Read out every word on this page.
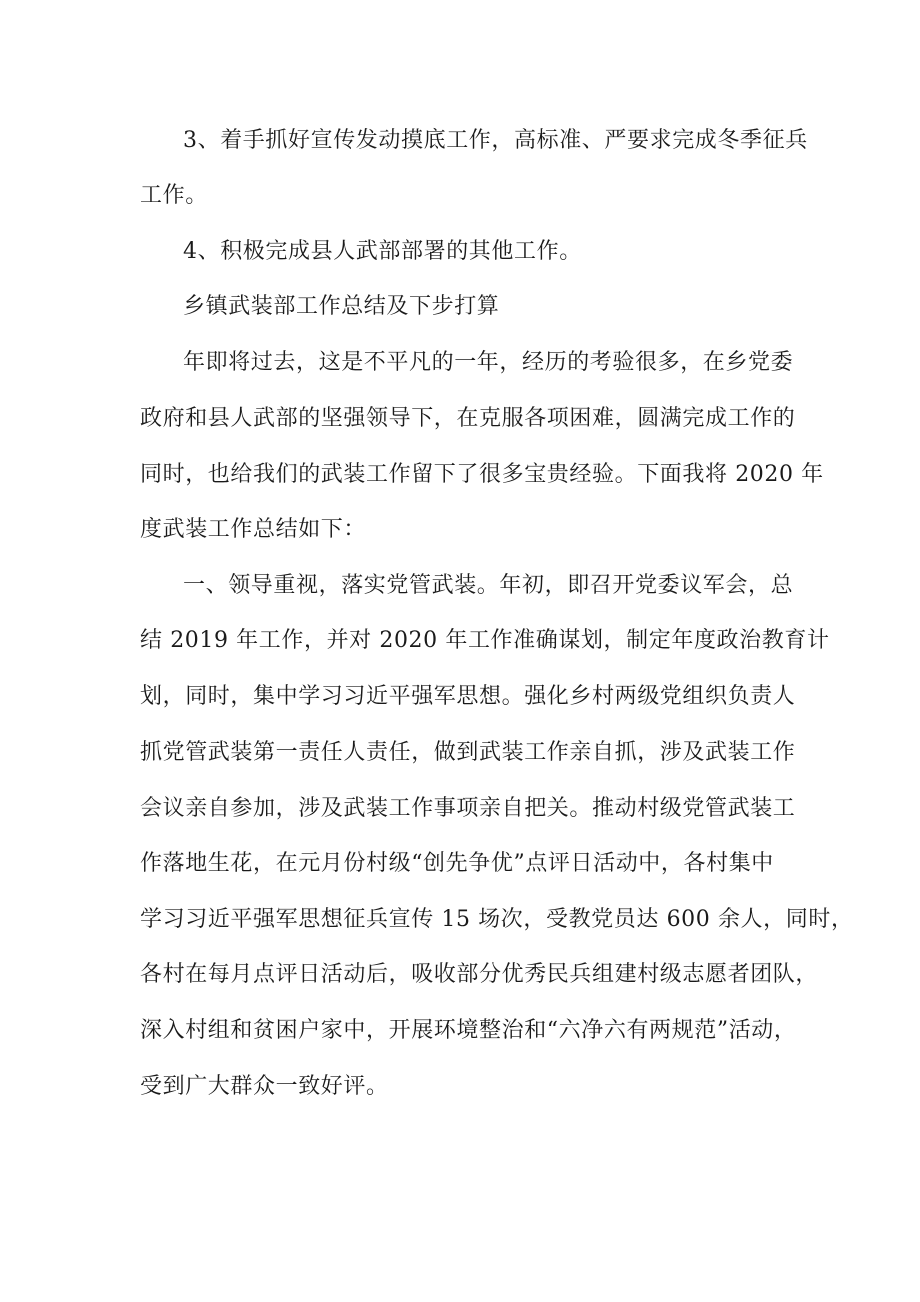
3、着手抓好宣传发动摸底工作，高标准、严要求完成冬季征兵
工作。
4、积极完成县人武部部署的其他工作。
乡镇武装部工作总结及下步打算
年即将过去，这是不平凡的一年，经历的考验很多，在乡党委
政府和县人武部的坚强领导下，在克服各项困难，圆满完成工作的
同时，也给我们的武装工作留下了很多宝贵经验。下面我将 2020 年
度武装工作总结如下：
一、领导重视，落实党管武装。年初，即召开党委议军会，总
结 2019 年工作，并对 2020 年工作准确谋划，制定年度政治教育计
划，同时，集中学习习近平强军思想。强化乡村两级党组织负责人
抓党管武装第一责任人责任，做到武装工作亲自抓，涉及武装工作
会议亲自参加，涉及武装工作事项亲自把关。推动村级党管武装工
作落地生花，在元月份村级“创先争优”点评日活动中，各村集中
学习习近平强军思想征兵宣传 15 场次，受教党员达 600 余人，同时，
各村在每月点评日活动后，吸收部分优秀民兵组建村级志愿者团队，
深入村组和贫困户家中，开展环境整治和“六净六有两规范”活动，
受到广大群众一致好评。
